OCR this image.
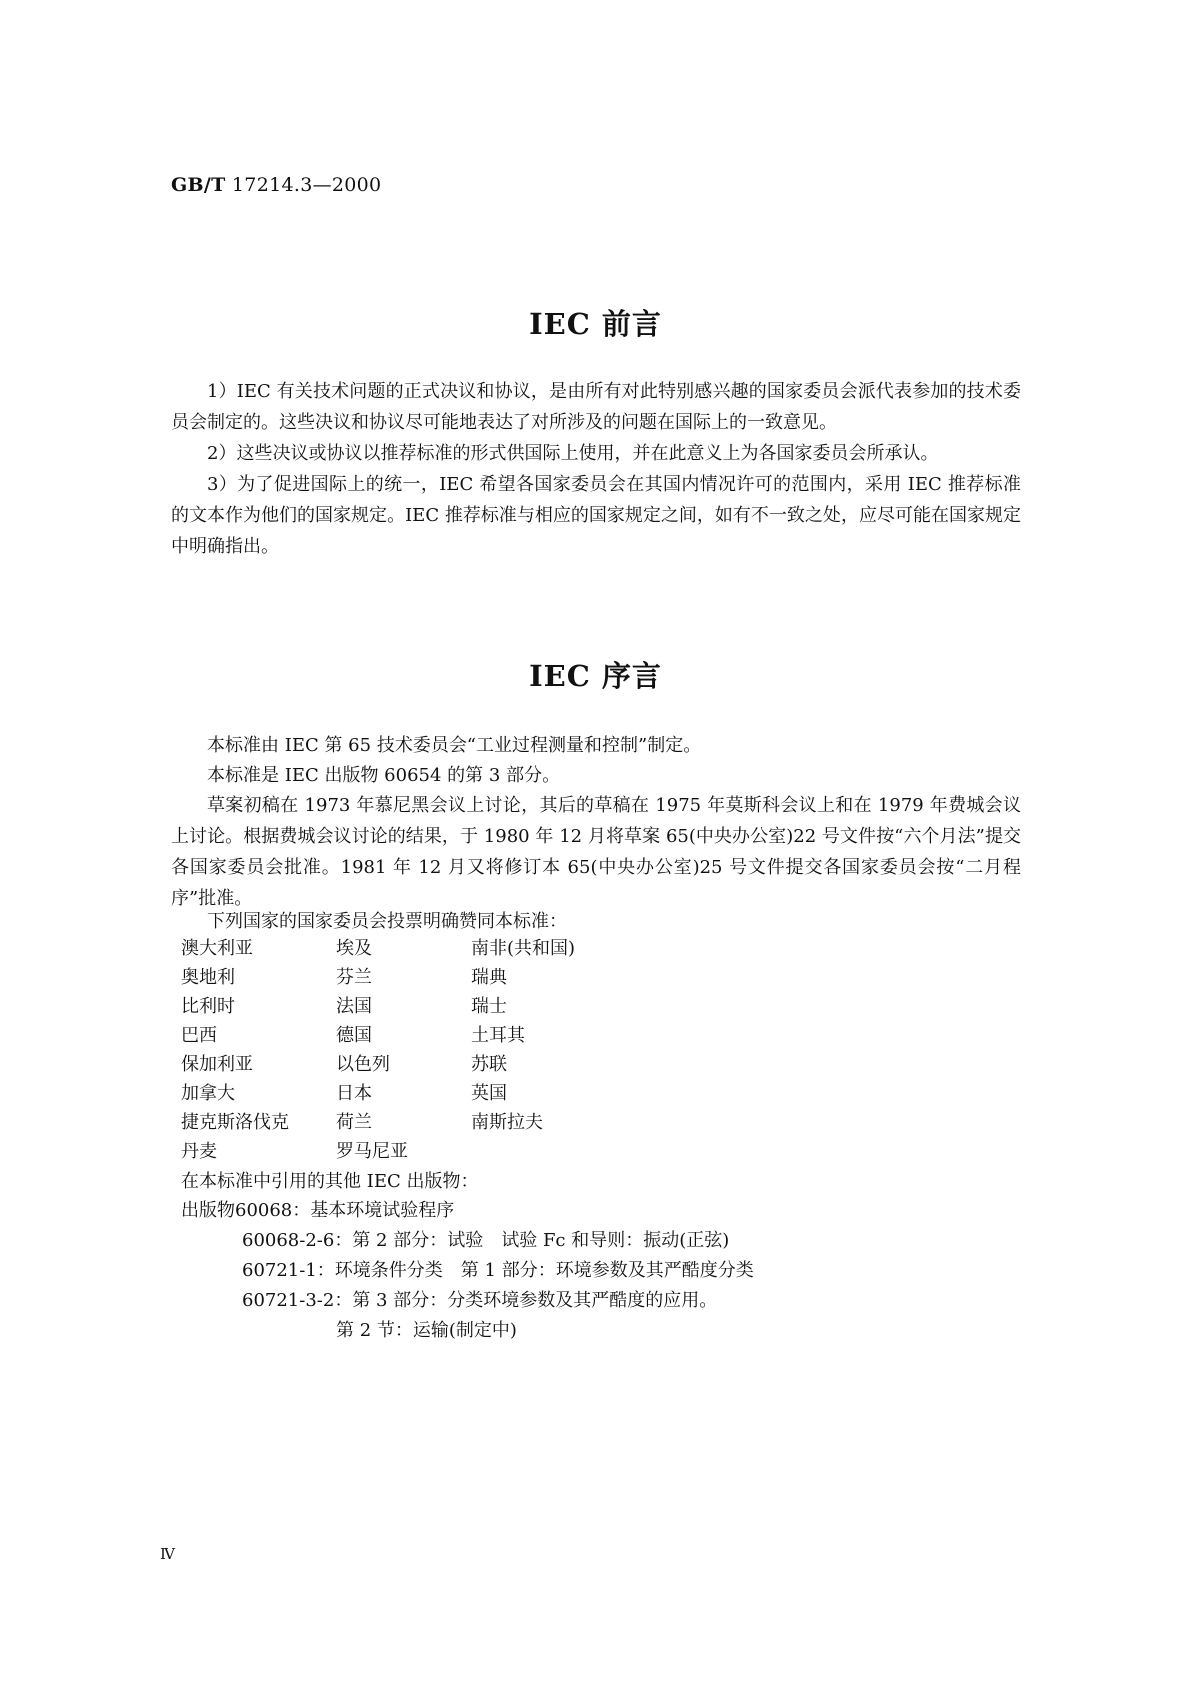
GB/T 17214.3—2000
IEC 前言
1）IEC 有关技术问题的正式决议和协议，是由所有对此特别感兴趣的国家委员会派代表参加的技术委员会制定的。这些决议和协议尽可能地表达了对所涉及的问题在国际上的一致意见。
2）这些决议或协议以推荐标准的形式供国际上使用，并在此意义上为各国家委员会所承认。
3）为了促进国际上的统一，IEC 希望各国家委员会在其国内情况许可的范围内，采用 IEC 推荐标准的文本作为他们的国家规定。IEC 推荐标准与相应的国家规定之间，如有不一致之处，应尽可能在国家规定中明确指出。
IEC 序言
本标准由 IEC 第 65 技术委员会“工业过程测量和控制”制定。
本标准是 IEC 出版物 60654 的第 3 部分。
草案初稿在 1973 年慕尼黑会议上讨论，其后的草稿在 1975 年莫斯科会议上和在 1979 年费城会议上讨论。根据费城会议讨论的结果，于 1980 年 12 月将草案 65(中央办公室)22 号文件按“六个月法”提交各国家委员会批准。1981 年 12 月又将修订本 65(中央办公室)25 号文件提交各国家委员会按“二月程序”批准。
下列国家的国家委员会投票明确赞同本标准：
澳大利亚	埃及	南非(共和国)
奥地利	芬兰	瑞典
比利时	法国	瑞士
巴西	德国	土耳其
保加利亚	以色列	苏联
加拿大	日本	英国
捷克斯洛伐克	荷兰	南斯拉夫
丹麦	罗马尼亚
在本标准中引用的其他 IEC 出版物：
出版物60068：基本环境试验程序
60068-2-6：第 2 部分：试验　试验 Fc 和导则：振动(正弦)
60721-1：环境条件分类　第 1 部分：环境参数及其严酷度分类
60721-3-2：第 3 部分：分类环境参数及其严酷度的应用。
第 2 节：运输(制定中)
Ⅳ
